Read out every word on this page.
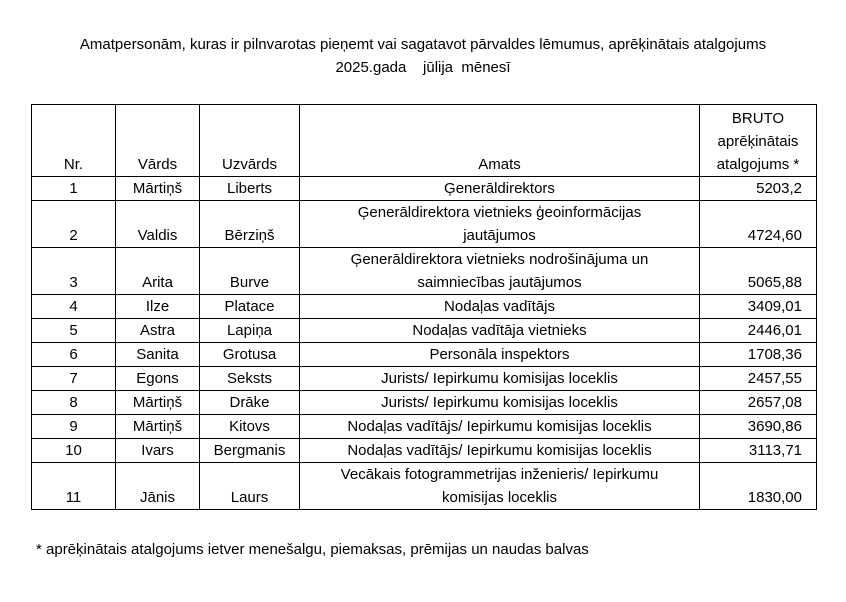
Amatpersonām, kuras ir pilnvarotas pieņemt vai sagatavot pārvaldes lēmumus, aprēķinātais atalgojums
2025.gada    jūlija  mēnesī
Nr.	Vārds	Uzvārds	Amats	BRUTO
aprēķinātais
atalgojums *

1	Mārtiņš	Liberts	Ģenerāldirektors	5203,2
2	Valdis	Bērziņš	Ģenerāldirektora vietnieks ģeoinformācijas jautājumos	4724,60
3	Arita	Burve	Ģenerāldirektora vietnieks nodrošinājuma un saimniecības jautājumos	5065,88
4	Ilze	Platace	Nodaļas vadītājs	3409,01
5	Astra	Lapiņa	Nodaļas vadītāja vietnieks	2446,01
6	Sanita	Grotusa	Personāla inspektors	1708,36
7	Egons	Seksts	Jurists/ Iepirkumu komisijas loceklis	2457,55
8	Mārtiņš	Drāke	Jurists/ Iepirkumu komisijas loceklis	2657,08
9	Mārtiņš	Kitovs	Nodaļas vadītājs/ Iepirkumu komisijas loceklis	3690,86
10	Ivars	Bergmanis	Nodaļas vadītājs/ Iepirkumu komisijas loceklis	3113,71
11	Jānis	Laurs	Vecākais fotogrammetrijas inženieris/ Iepirkumu komisijas loceklis	1830,00
* aprēķinātais atalgojums ietver menešalgu, piemaksas, prēmijas un naudas balvas
